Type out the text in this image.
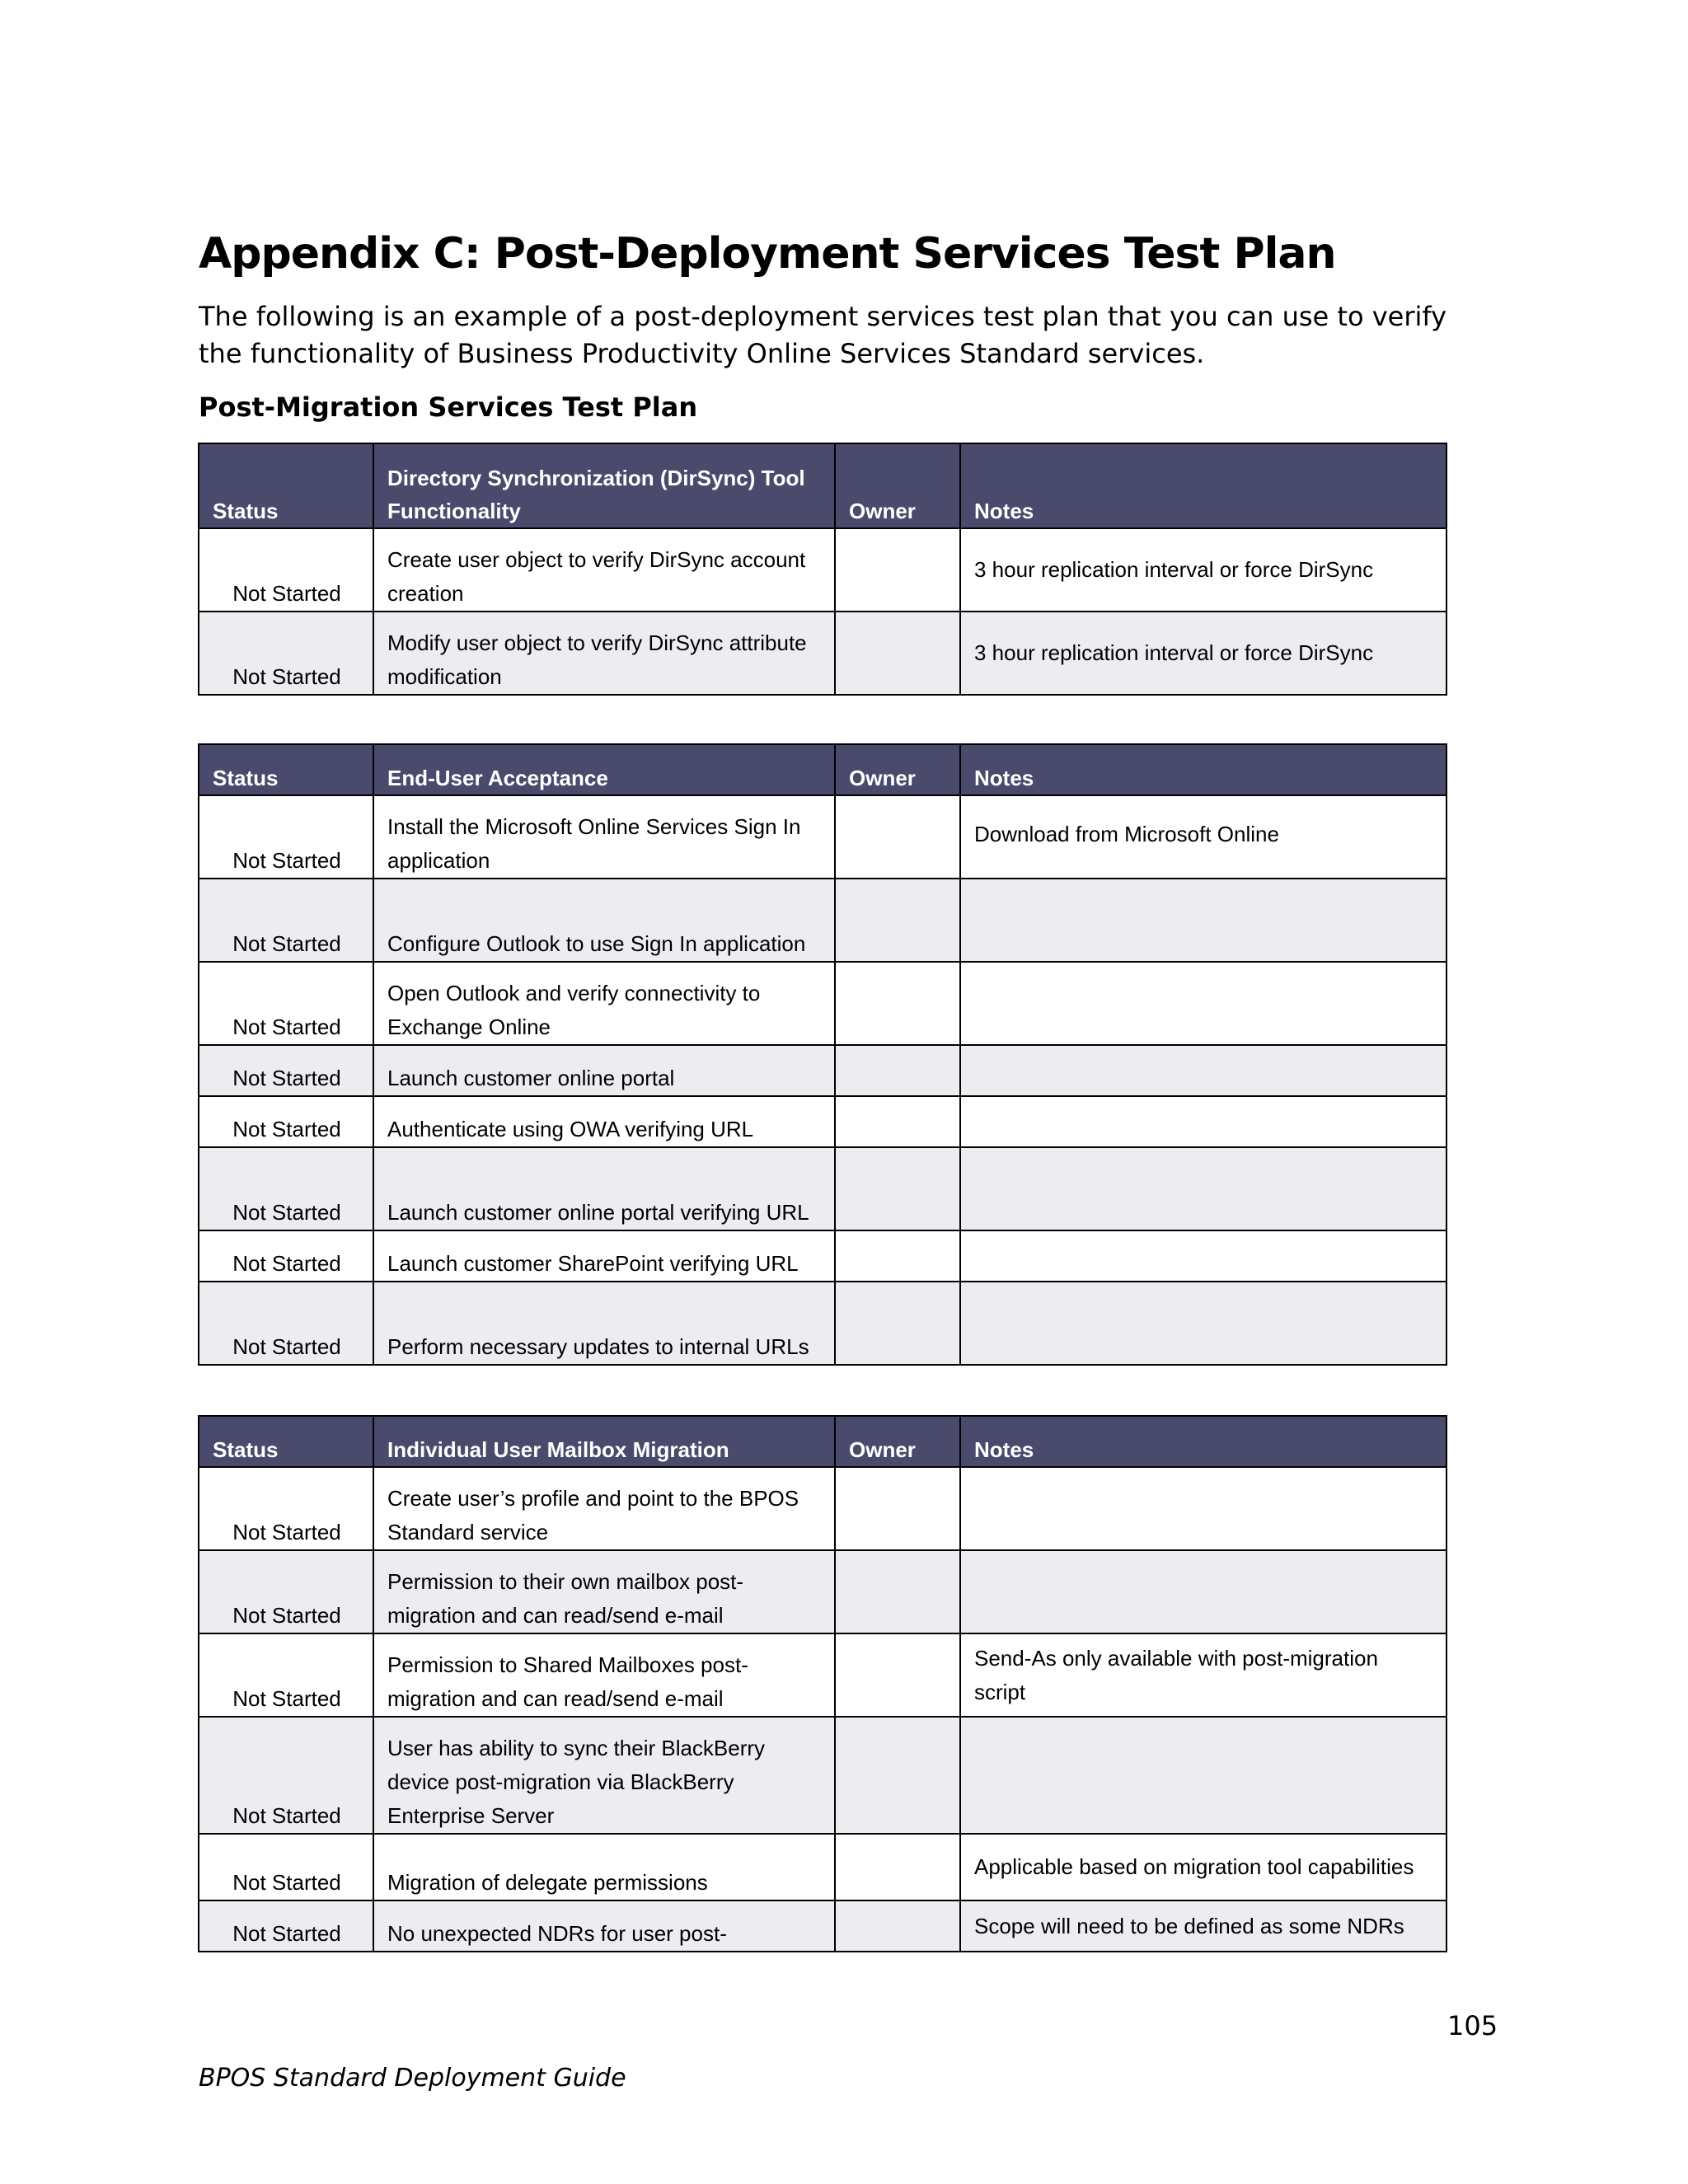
Appendix C: Post-Deployment Services Test Plan

The following is an example of a post-deployment services test plan that you can use to verify the functionality of Business Productivity Online Services Standard services.

Post-Migration Services Test Plan
Status	Directory Synchronization (DirSync) Tool Functionality	Owner	Notes
Not Started	Create user object to verify DirSync account creation		3 hour replication interval or force DirSync
Not Started	Modify user object to verify DirSync attribute modification		3 hour replication interval or force DirSync
Status	End-User Acceptance	Owner	Notes
Not Started	Install the Microsoft Online Services Sign In application		Download from Microsoft Online
Not Started	Configure Outlook to use Sign In application		
Not Started	Open Outlook and verify connectivity to Exchange Online		
Not Started	Launch customer online portal		
Not Started	Authenticate using OWA verifying URL		
Not Started	Launch customer online portal verifying URL		
Not Started	Launch customer SharePoint verifying URL		
Not Started	Perform necessary updates to internal URLs		
Status	Individual User Mailbox Migration	Owner	Notes
Not Started	Create user’s profile and point to the BPOS Standard service		
Not Started	Permission to their own mailbox post-migration and can read/send e-mail		
Not Started	Permission to Shared Mailboxes post-migration and can read/send e-mail		Send-As only available with post-migration script
Not Started	User has ability to sync their BlackBerry device post-migration via BlackBerry Enterprise Server		
Not Started	Migration of delegate permissions		Applicable based on migration tool capabilities
Not Started	No unexpected NDRs for user post-		Scope will need to be defined as some NDRs
105
BPOS Standard Deployment Guide
